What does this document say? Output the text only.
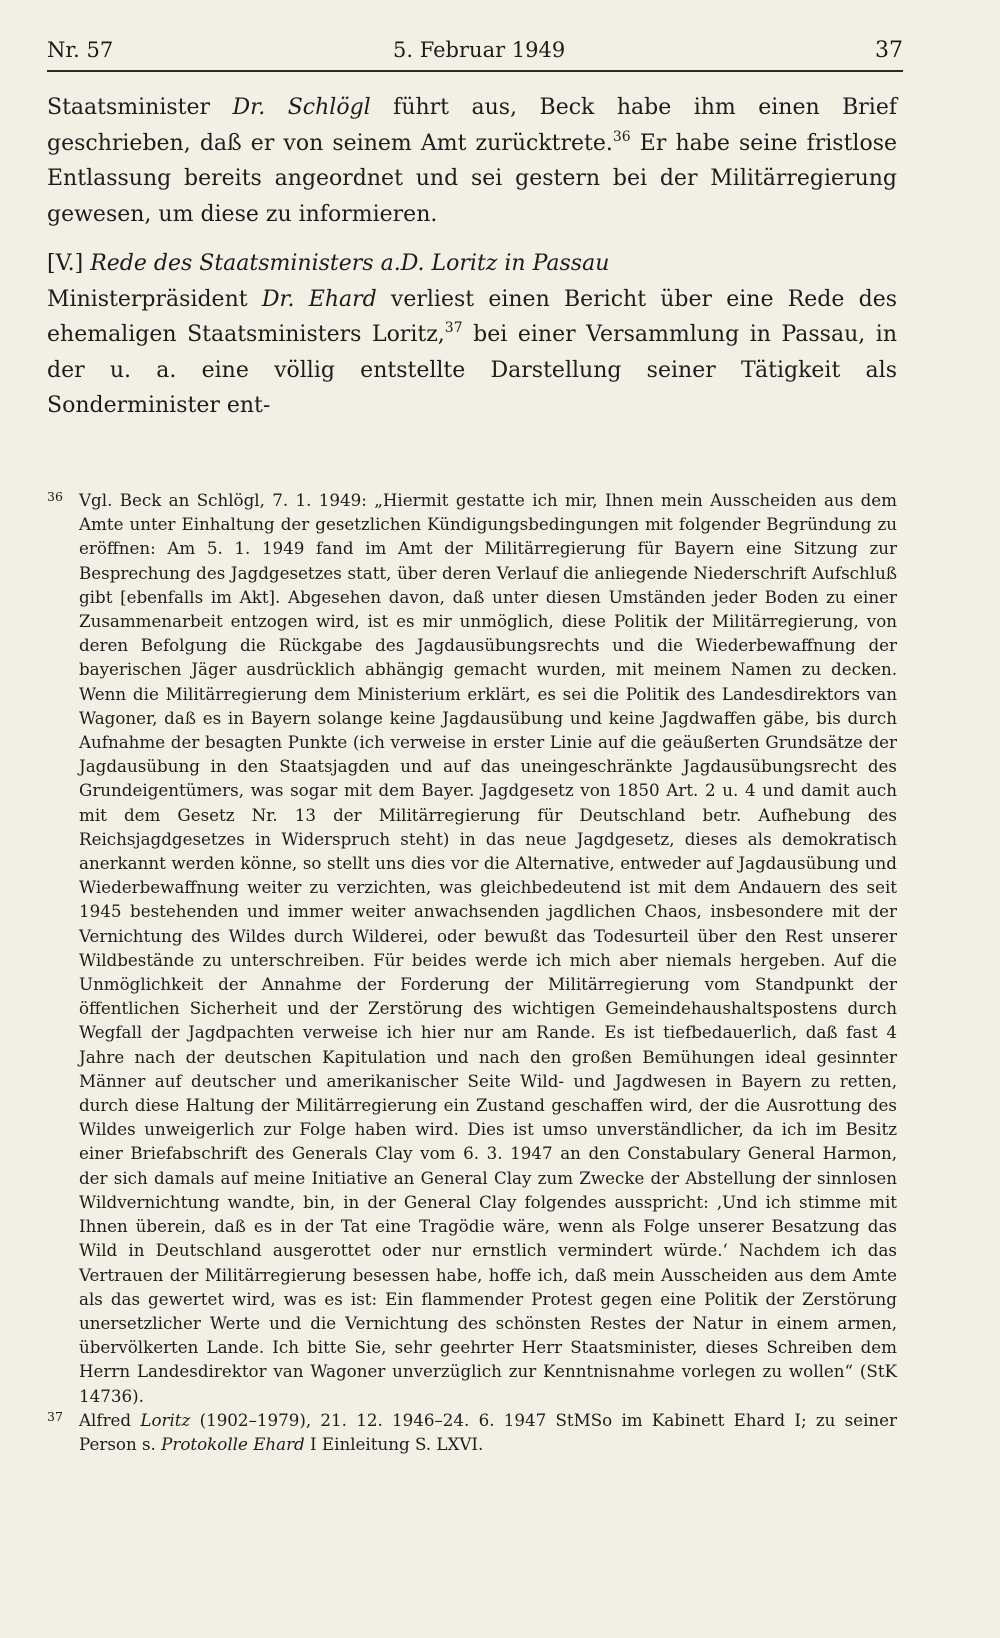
Nr. 57	5. Februar 1949	37

Staatsminister Dr. Schlögl führt aus, Beck habe ihm einen Brief geschrieben, daß er von seinem Amt zurücktrete.$^{36}$ Er habe seine fristlose Entlassung bereits angeordnet und sei gestern bei der Militärregierung gewesen, um diese zu informieren.

[V.] Rede des Staatsministers a.D. Loritz in Passau

Ministerpräsident Dr. Ehard verliest einen Bericht über eine Rede des ehemaligen Staatsministers Loritz,$^{37}$ bei einer Versammlung in Passau, in der u. a. eine völlig entstellte Darstellung seiner Tätigkeit als Sonderminister ent-

36 Vgl. Beck an Schlögl, 7. 1. 1949: „Hiermit gestatte ich mir, Ihnen mein Ausscheiden aus dem Amte unter Einhaltung der gesetzlichen Kündigungsbedingungen mit folgender Begründung zu eröffnen: Am 5. 1. 1949 fand im Amt der Militärregierung für Bayern eine Sitzung zur Besprechung des Jagdgesetzes statt, über deren Verlauf die anliegende Niederschrift Aufschluß gibt [ebenfalls im Akt]. Abgesehen davon, daß unter diesen Umständen jeder Boden zu einer Zusammenarbeit entzogen wird, ist es mir unmöglich, diese Politik der Militärregierung, von deren Befolgung die Rückgabe des Jagdausübungsrechts und die Wiederbewaffnung der bayerischen Jäger ausdrücklich abhängig gemacht wurden, mit meinem Namen zu decken. Wenn die Militärregierung dem Ministerium erklärt, es sei die Politik des Landesdirektors van Wagoner, daß es in Bayern solange keine Jagdausübung und keine Jagdwaffen gäbe, bis durch Aufnahme der besagten Punkte (ich verweise in erster Linie auf die geäußerten Grundsätze der Jagdausübung in den Staatsjagden und auf das uneingeschränkte Jagdausübungsrecht des Grundeigentümers, was sogar mit dem Bayer. Jagdgesetz von 1850 Art. 2 u. 4 und damit auch mit dem Gesetz Nr. 13 der Militärregierung für Deutschland betr. Aufhebung des Reichsjagdgesetzes in Widerspruch steht) in das neue Jagdgesetz, dieses als demokratisch anerkannt werden könne, so stellt uns dies vor die Alternative, entweder auf Jagdausübung und Wiederbewaffnung weiter zu verzichten, was gleichbedeutend ist mit dem Andauern des seit 1945 bestehenden und immer weiter anwachsenden jagdlichen Chaos, insbesondere mit der Vernichtung des Wildes durch Wilderei, oder bewußt das Todesurteil über den Rest unserer Wildbestände zu unterschreiben. Für beides werde ich mich aber niemals hergeben. Auf die Unmöglichkeit der Annahme der Forderung der Militärregierung vom Standpunkt der öffentlichen Sicherheit und der Zerstörung des wichtigen Gemeindehaushaltspostens durch Wegfall der Jagdpachten verweise ich hier nur am Rande. Es ist tiefbedauerlich, daß fast 4 Jahre nach der deutschen Kapitulation und nach den großen Bemühungen ideal gesinnter Männer auf deutscher und amerikanischer Seite Wild- und Jagdwesen in Bayern zu retten, durch diese Haltung der Militärregierung ein Zustand geschaffen wird, der die Ausrottung des Wildes unweigerlich zur Folge haben wird. Dies ist umso unverständlicher, da ich im Besitz einer Briefabschrift des Generals Clay vom 6. 3. 1947 an den Constabulary General Harmon, der sich damals auf meine Initiative an General Clay zum Zwecke der Abstellung der sinnlosen Wildvernichtung wandte, bin, in der General Clay folgendes ausspricht: ‚Und ich stimme mit Ihnen überein, daß es in der Tat eine Tragödie wäre, wenn als Folge unserer Besatzung das Wild in Deutschland ausgerottet oder nur ernstlich vermindert würde.‘ Nachdem ich das Vertrauen der Militärregierung besessen habe, hoffe ich, daß mein Ausscheiden aus dem Amte als das gewertet wird, was es ist: Ein flammender Protest gegen eine Politik der Zerstörung unersetzlicher Werte und die Vernichtung des schönsten Restes der Natur in einem armen, übervölkerten Lande. Ich bitte Sie, sehr geehrter Herr Staatsminister, dieses Schreiben dem Herrn Landesdirektor van Wagoner unverzüglich zur Kenntnisnahme vorlegen zu wollen“ (StK 14736).
37 Alfred Loritz (1902–1979), 21. 12. 1946–24. 6. 1947 StMSo im Kabinett Ehard I; zu seiner Person s. Protokolle Ehard I Einleitung S. LXVI.
